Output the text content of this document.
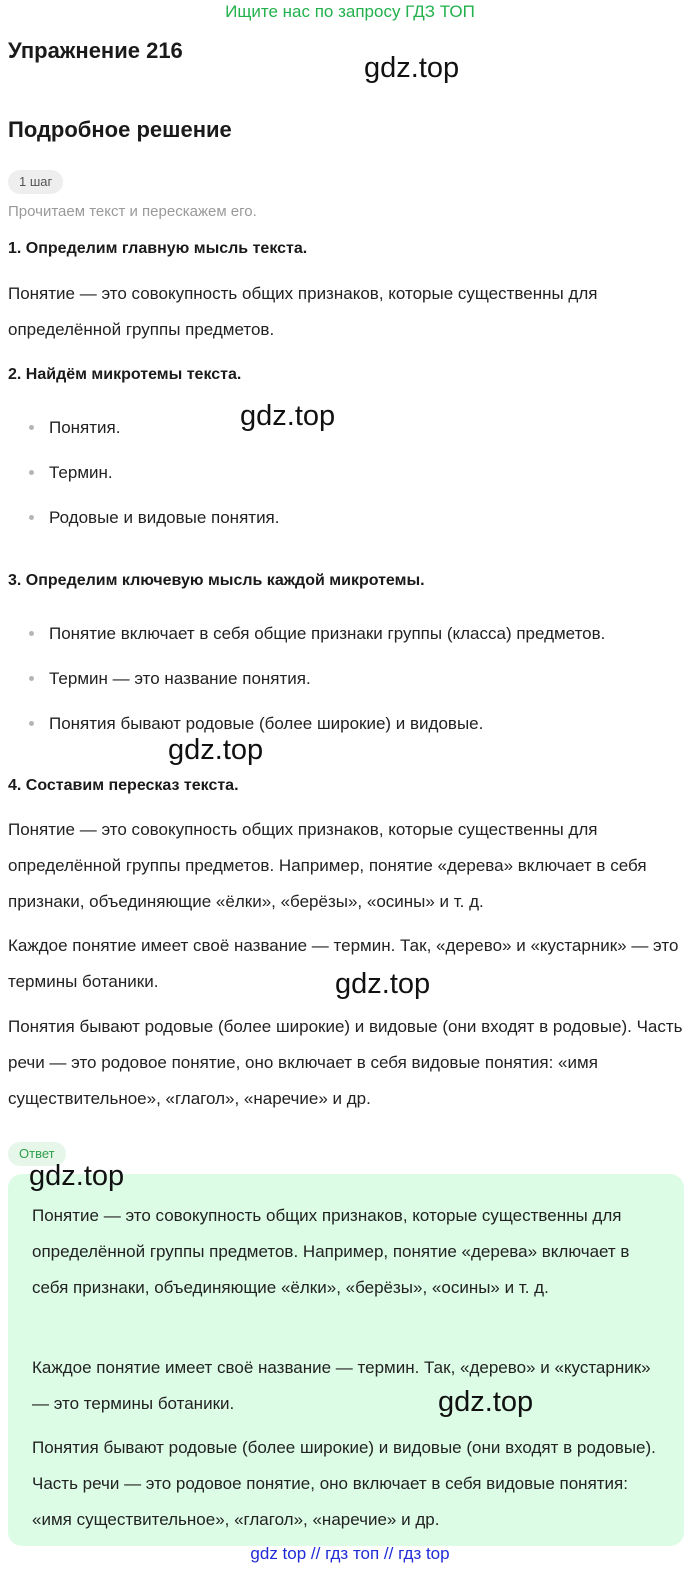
Ищите нас по запросу ГДЗ ТОП
Упражнение 216
gdz.top
Подробное решение
1 шаг
Прочитаем текст и перескажем его.
1. Определим главную мысль текста.
Понятие — это совокупность общих признаков, которые существенны для определённой группы предметов.
2. Найдём микротемы текста.
Понятия.
Термин.
Родовые и видовые понятия.
gdz.top
3. Определим ключевую мысль каждой микротемы.
Понятие включает в себя общие признаки группы (класса) предметов.
Термин — это название понятия.
Понятия бывают родовые (более широкие) и видовые.
gdz.top
4. Составим пересказ текста.
Понятие — это совокупность общих признаков, которые существенны для определённой группы предметов. Например, понятие «дерева» включает в себя признаки, объединяющие «ёлки», «берёзы», «осины» и т. д.
Каждое понятие имеет своё название — термин. Так, «дерево» и «кустарник» — это термины ботаники.	gdz.top
Понятия бывают родовые (более широкие) и видовые (они входят в родовые). Часть речи — это родовое понятие, оно включает в себя видовые понятия: «имя существительное», «глагол», «наречие» и др.
Ответ
gdz.top
Понятие — это совокупность общих признаков, которые существенны для определённой группы предметов. Например, понятие «дерева» включает в себя признаки, объединяющие «ёлки», «берёзы», «осины» и т. д.
Каждое понятие имеет своё название — термин. Так, «дерево» и «кустарник» — это термины ботаники.	gdz.top
Понятия бывают родовые (более широкие) и видовые (они входят в родовые). Часть речи — это родовое понятие, оно включает в себя видовые понятия: «имя существительное», «глагол», «наречие» и др.
gdz top // гдз топ // гдз top
